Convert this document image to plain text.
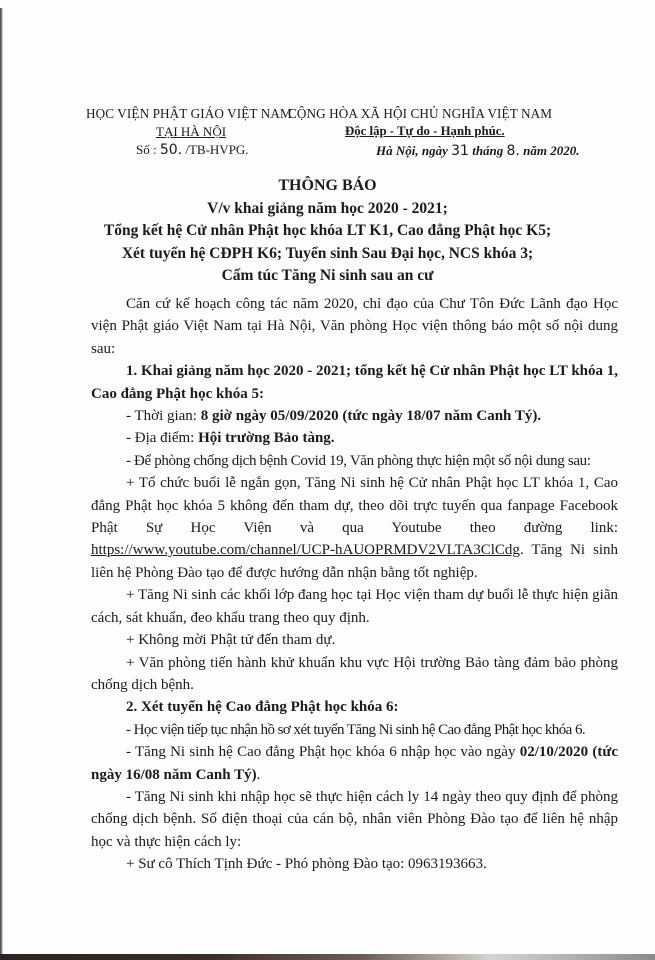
HỌC VIỆN PHẬT GIÁO VIỆT NAM
TẠI HÀ NỘI
Số : 50. /TB-HVPG.
CỘNG HÒA XÃ HỘI CHỦ NGHĨA VIỆT NAM
Độc lập - Tự do - Hạnh phúc.
Hà Nội, ngày 31 tháng 8. năm 2020.
THÔNG BÁO
V/v khai giảng năm học 2020 - 2021;
Tổng kết hệ Cử nhân Phật học khóa LT K1, Cao đẳng Phật học K5;
Xét tuyển hệ CĐPH K6; Tuyển sinh Sau Đại học, NCS khóa 3;
Cấm túc Tăng Ni sinh sau an cư
Căn cứ kế hoạch công tác năm 2020, chỉ đạo của Chư Tôn Đức Lãnh đạo Học viện Phật giáo Việt Nam tại Hà Nội, Văn phòng Học viện thông báo một số nội dung sau:
1. Khai giảng năm học 2020 - 2021; tổng kết hệ Cử nhân Phật học LT khóa 1, Cao đẳng Phật học khóa 5:
- Thời gian: 8 giờ ngày 05/09/2020 (tức ngày 18/07 năm Canh Tý).
- Địa điểm: Hội trường Bảo tàng.
- Để phòng chống dịch bệnh Covid 19, Văn phòng thực hiện một số nội dung sau:
+ Tổ chức buổi lễ ngắn gọn, Tăng Ni sinh hệ Cử nhân Phật học LT khóa 1, Cao đẳng Phật học khóa 5 không đến tham dự, theo dõi trực tuyến qua fanpage Facebook Phật Sự Học Viện và qua Youtube theo đường link: https://www.youtube.com/channel/UCP-hAUOPRMDV2VLTA3ClCdg. Tăng Ni sinh liên hệ Phòng Đào tạo để được hướng dẫn nhận bằng tốt nghiệp.
+ Tăng Ni sinh các khối lớp đang học tại Học viện tham dự buổi lễ thực hiện giãn cách, sát khuẩn, đeo khẩu trang theo quy định.
+ Không mời Phật tử đến tham dự.
+ Văn phòng tiến hành khử khuẩn khu vực Hội trường Bảo tàng đảm bảo phòng chống dịch bệnh.
2. Xét tuyển hệ Cao đẳng Phật học khóa 6:
- Học viện tiếp tục nhận hồ sơ xét tuyển Tăng Ni sinh hệ Cao đẳng Phật học khóa 6.
- Tăng Ni sinh hệ Cao đẳng Phật học khóa 6 nhập học vào ngày 02/10/2020 (tức ngày 16/08 năm Canh Tý).
- Tăng Ni sinh khi nhập học sẽ thực hiện cách ly 14 ngày theo quy định để phòng chống dịch bệnh. Số điện thoại của cán bộ, nhân viên Phòng Đào tạo để liên hệ nhập học và thực hiện cách ly:
+ Sư cô Thích Tịnh Đức - Phó phòng Đào tạo: 0963193663.
